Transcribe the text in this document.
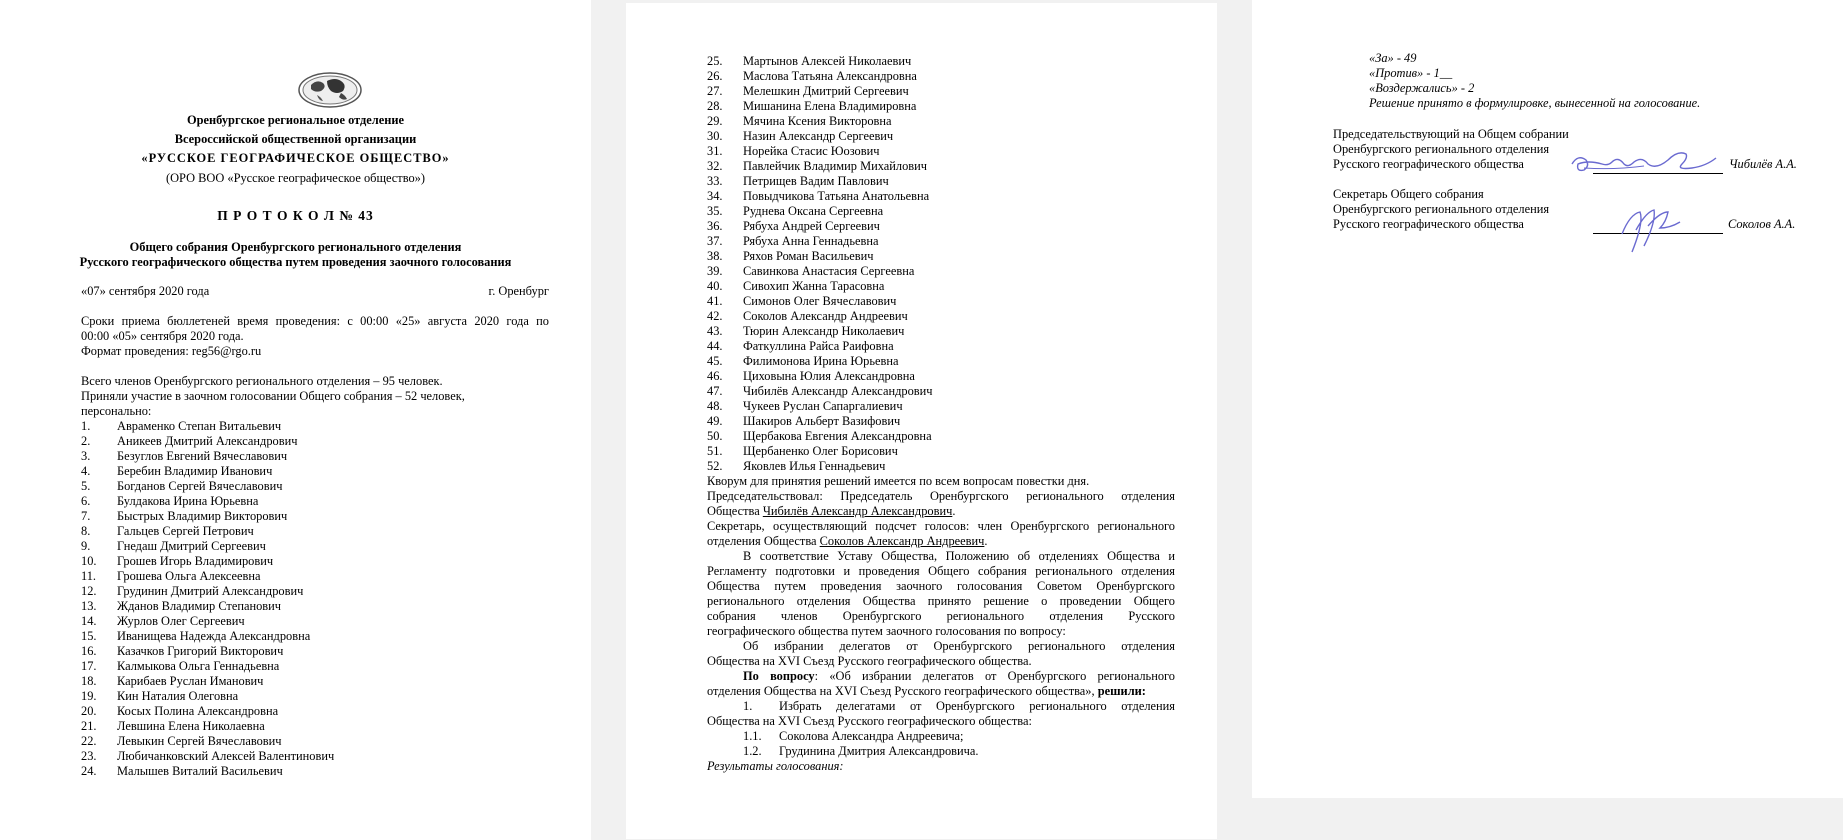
Оренбургское региональное отделение
Всероссийской общественной организации
«РУССКОЕ ГЕОГРАФИЧЕСКОЕ ОБЩЕСТВО»
(ОРО ВОО «Русское географическое общество»)
П Р О Т О К О Л № 43
Общего собрания Оренбургского регионального отделения
Русского географического общества путем проведения заочного голосования
«07» сентября 2020 года	г. Оренбург
Сроки приема бюллетеней время проведения: с 00:00 «25» августа 2020 года по
00:00 «05» сентября 2020 года.
Формат проведения: reg56@rgo.ru
Всего членов Оренбургского регионального отделения – 95 человек.
Приняли участие в заочном голосовании Общего собрания – 52 человек,
персонально:
1.	Авраменко Степан Витальевич
2.	Аникеев Дмитрий Александрович
3.	Безуглов Евгений Вячеславович
4.	Беребин Владимир Иванович
5.	Богданов Сергей Вячеславович
6.	Булдакова Ирина Юрьевна
7.	Быстрых Владимир Викторович
8.	Гальцев Сергей Петрович
9.	Гнедаш Дмитрий Сергеевич
10.	Грошев Игорь Владимирович
11.	Грошева Ольга Алексеевна
12.	Грудинин Дмитрий Александрович
13.	Жданов Владимир Степанович
14.	Журлов Олег Сергеевич
15.	Иванищева Надежда Александровна
16.	Казачков Григорий Викторович
17.	Калмыкова Ольга Геннадьевна
18.	Карибаев Руслан Иманович
19.	Кин Наталия Олеговна
20.	Косых Полина Александровна
21.	Левшина Елена Николаевна
22.	Левыкин Сергей Вячеславович
23.	Любичанковский Алексей Валентинович
24.	Малышев Виталий Васильевич
25.	Мартынов Алексей Николаевич
26.	Маслова Татьяна Александровна
27.	Мелешкин Дмитрий Сергеевич
28.	Мишанина Елена Владимировна
29.	Мячина Ксения Викторовна
30.	Назин Александр Сергеевич
31.	Норейка Стасис Юозович
32.	Павлейчик Владимир Михайлович
33.	Петрищев Вадим Павлович
34.	Повыдчикова Татьяна Анатольевна
35.	Руднева Оксана Сергеевна
36.	Рябуха Андрей Сергеевич
37.	Рябуха Анна Геннадьевна
38.	Ряхов Роман Васильевич
39.	Савинкова Анастасия Сергеевна
40.	Сивохип Жанна Тарасовна
41.	Симонов Олег Вячеславович
42.	Соколов Александр Андреевич
43.	Тюрин Александр Николаевич
44.	Фаткуллина Райса Раифовна
45.	Филимонова Ирина Юрьевна
46.	Циховына Юлия Александровна
47.	Чибилёв Александр Александрович
48.	Чукеев Руслан Сапаргалиевич
49.	Шакиров Альберт Вазифович
50.	Щербакова Евгения Александровна
51.	Щербаненко Олег Борисович
52.	Яковлев Илья Геннадьевич
Кворум для принятия решений имеется по всем вопросам повестки дня.
Председательствовал: Председатель Оренбургского регионального отделения
Общества Чибилёв Александр Александрович.
Секретарь, осуществляющий подсчет голосов: член Оренбургского регионального
отделения Общества Соколов Александр Андреевич.
В соответствие Уставу Общества, Положению об отделениях Общества и
Регламенту подготовки и проведения Общего собрания регионального отделения
Общества путем проведения заочного голосования Советом Оренбургского
регионального отделения Общества принято решение о проведении Общего
собрания членов Оренбургского регионального отделения Русского
географического общества путем заочного голосования по вопросу:
Об избрании делегатов от Оренбургского регионального отделения
Общества на XVI Съезд Русского географического общества.
По вопросу: «Об избрании делегатов от Оренбургского регионального
отделения Общества на XVI Съезд Русского географического общества», решили:
1.	Избрать делегатами от Оренбургского регионального отделения
Общества на XVI Съезд Русского географического общества:
1.1.	Соколова Александра Андреевича;
1.2.	Грудинина Дмитрия Александровича.
Результаты голосования:
«За» - 49
«Против» - 1__
«Воздержались» - 2
Решение принято в формулировке, вынесенной на голосование.
Председательствующий на Общем собрании
Оренбургского регионального отделения
Русского географического общества	Чибилёв А.А.
Секретарь Общего собрания
Оренбургского регионального отделения
Русского географического общества	Соколов А.А.
